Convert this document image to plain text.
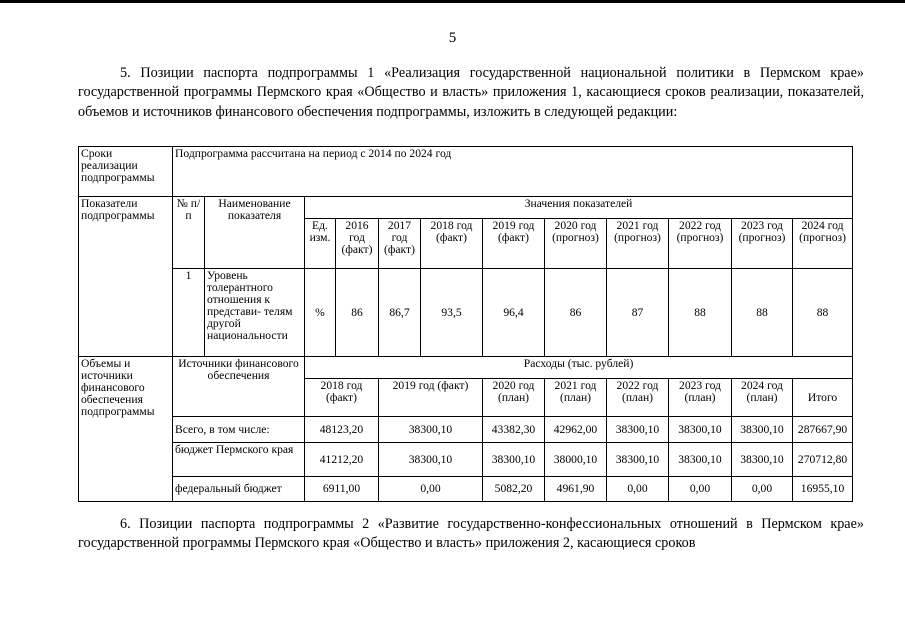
5

5. Позиции паспорта подпрограммы 1 «Реализация государственной национальной политики в Пермском крае» государственной программы Пермского края «Общество и власть» приложения 1, касающиеся сроков реализации, показателей, объемов и источников финансового обеспечения подпрограммы, изложить в следующей редакции:

Сроки реализации подпрограммы	Подпрограмма рассчитана на период с 2014 по 2024 год											
Показатели подпрограммы	№ п/п	Наименование показателя	Значения показателей									
			Ед. изм.	2016 год (факт)	2017 год (факт)	2018 год (факт)	2019 год (факт)	2020 год (прогноз)	2021 год (прогноз)	2022 год (прогноз)	2023 год (прогноз)	2024 год (прогноз)
	1	Уровень толерантного отношения к представи- телям другой национальности	%	86	86,7	93,5	96,4	86	87	88	88	88
Объемы и источники финансового обеспечения подпрограммы	Источники финансового обеспечения		Расходы (тыс. рублей)									
			2018 год (факт)		2019 год (факт)		2020 год (план)	2021 год (план)	2022 год (план)	2023 год (план)	2024 год (план)	Итого
	Всего, в том числе:		48123,20		38300,10		43382,30	42962,00	38300,10	38300,10	38300,10	287667,90
	бюджет Пермского края		41212,20		38300,10		38300,10	38000,10	38300,10	38300,10	38300,10	270712,80
	федеральный бюджет		6911,00		0,00		5082,20	4961,90	0,00	0,00	0,00	16955,10

6. Позиции паспорта подпрограммы 2 «Развитие государственно-конфессиональных отношений в Пермском крае» государственной программы Пермского края «Общество и власть» приложения 2, касающиеся сроков
